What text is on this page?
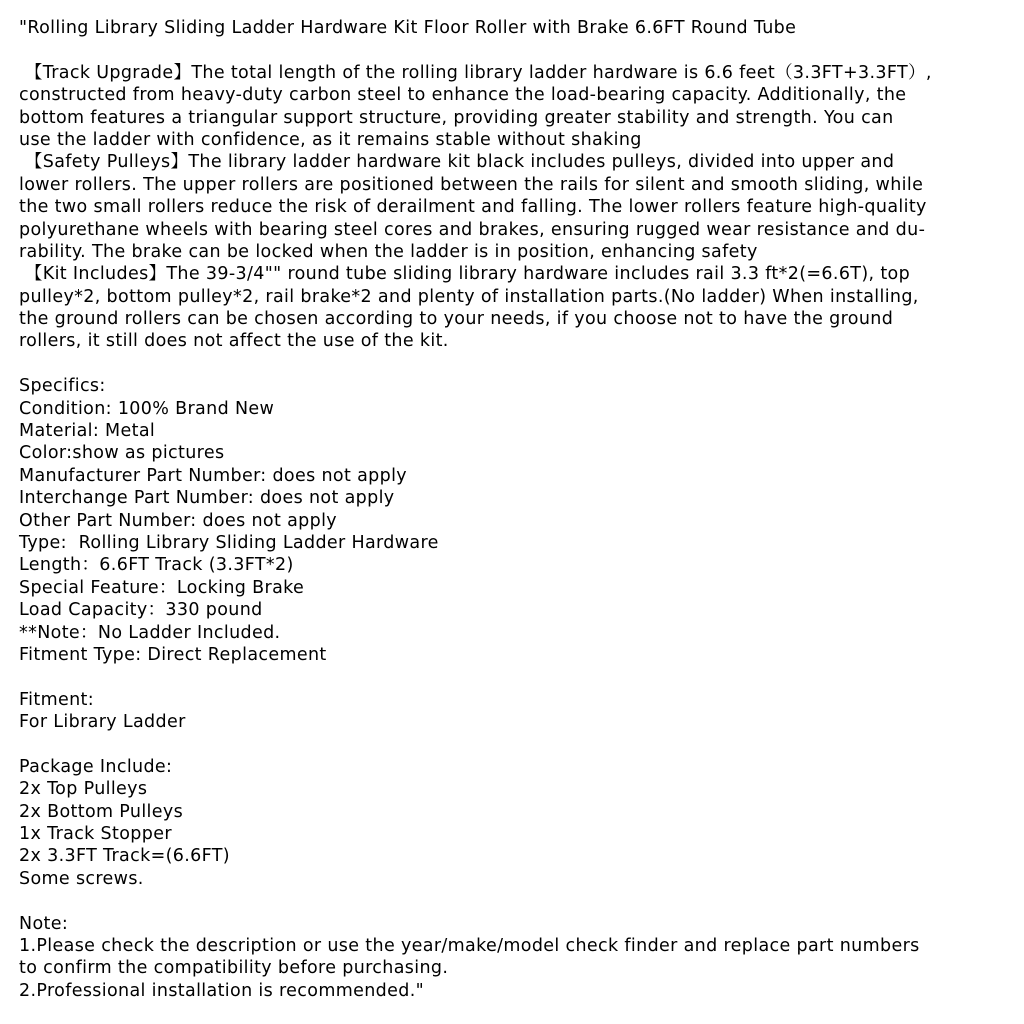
"Rolling Library Sliding Ladder Hardware Kit Floor Roller with Brake 6.6FT Round Tube
【Track Upgrade】The total length of the rolling library ladder hardware is 6.6 feet（3.3FT+3.3FT）,
constructed from heavy-duty carbon steel to enhance the load-bearing capacity. Additionally, the
bottom features a triangular support structure, providing greater stability and strength. You can
use the ladder with confidence, as it remains stable without shaking
【Safety Pulleys】The library ladder hardware kit black includes pulleys, divided into upper and
lower rollers. The upper rollers are positioned between the rails for silent and smooth sliding, while
the two small rollers reduce the risk of derailment and falling. The lower rollers feature high-quality
polyurethane wheels with bearing steel cores and brakes, ensuring rugged wear resistance and du-
rability. The brake can be locked when the ladder is in position, enhancing safety
【Kit Includes】The 39-3/4"" round tube sliding library hardware includes rail 3.3 ft*2(=6.6T), top
pulley*2, bottom pulley*2, rail brake*2 and plenty of installation parts.(No ladder) When installing,
the ground rollers can be chosen according to your needs, if you choose not to have the ground
rollers, it still does not affect the use of the kit.
Specifics:
Condition: 100% Brand New
Material: Metal
Color:show as pictures
Manufacturer Part Number: does not apply
Interchange Part Number: does not apply
Other Part Number: does not apply
Type:  Rolling Library Sliding Ladder Hardware
Length：6.6FT Track (3.3FT*2)
Special Feature：Locking Brake
Load Capacity：330 pound
**Note：No Ladder Included.
Fitment Type: Direct Replacement
Fitment:
For Library Ladder
Package Include:
2x Top Pulleys
2x Bottom Pulleys
1x Track Stopper
2x 3.3FT Track=(6.6FT)
Some screws.
Note:
1.Please check the description or use the year/make/model check finder and replace part numbers
to confirm the compatibility before purchasing.
2.Professional installation is recommended."
